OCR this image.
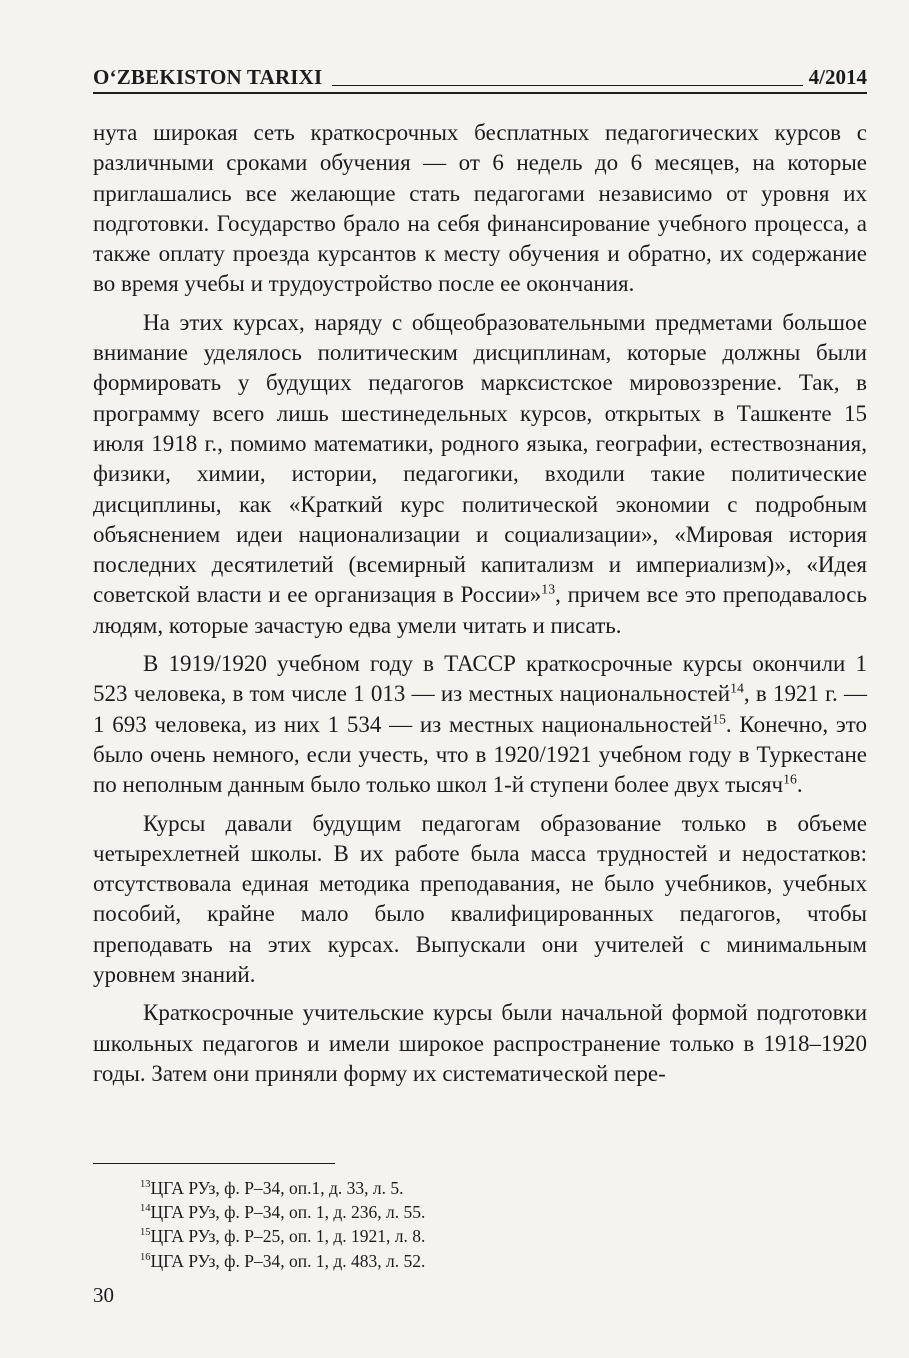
O‘ZBEKISTON TARIXI	4/2014

нута широкая сеть краткосрочных бесплатных педагогических курсов с различными сроками обучения — от 6 недель до 6 месяцев, на которые приглашались все желающие стать педагогами независимо от уровня их подготовки. Государство брало на себя финансирование учебного процесса, а также оплату проезда курсантов к месту обучения и обратно, их содержание во время учебы и трудоустройство после ее окончания.

На этих курсах, наряду с общеобразовательными предметами большое внимание уделялось политическим дисциплинам, которые должны были формировать у будущих педагогов марксистское мировоззрение. Так, в программу всего лишь шестинедельных курсов, открытых в Ташкенте 15 июля 1918 г., помимо математики, родного языка, географии, естествознания, физики, химии, истории, педагогики, входили такие политические дисциплины, как «Краткий курс политической экономии с подробным объяснением идеи национализации и социализации», «Мировая история последних десятилетий (всемирный капитализм и империализм)», «Идея советской власти и ее организация в России»$^{13}$, причем все это преподавалось людям, которые зачастую едва умели читать и писать.

В 1919/1920 учебном году в ТАССР краткосрочные курсы окончили 1 523 человека, в том числе 1 013 — из местных национальностей$^{14}$, в 1921 г. — 1 693 человека, из них 1 534 — из местных национальностей$^{15}$. Конечно, это было очень немного, если учесть, что в 1920/1921 учебном году в Туркестане по неполным данным было только школ 1-й ступени более двух тысяч$^{16}$.

Курсы давали будущим педагогам образование только в объеме четырехлетней школы. В их работе была масса трудностей и недостатков: отсутствовала единая методика преподавания, не было учебников, учебных пособий, крайне мало было квалифицированных педагогов, чтобы преподавать на этих курсах. Выпускали они учителей с минимальным уровнем знаний.

Краткосрочные учительские курсы были начальной формой подготовки школьных педагогов и имели широкое распространение только в 1918–1920 годы. Затем они приняли форму их систематической пере-

$^{13}$ЦГА РУз, ф. Р–34, оп.1, д. 33, л. 5.
$^{14}$ЦГА РУз, ф. Р–34, оп. 1, д. 236, л. 55.
$^{15}$ЦГА РУз, ф. Р–25, оп. 1, д. 1921, л. 8.
$^{16}$ЦГА РУз, ф. Р–34, оп. 1, д. 483, л. 52.
30
